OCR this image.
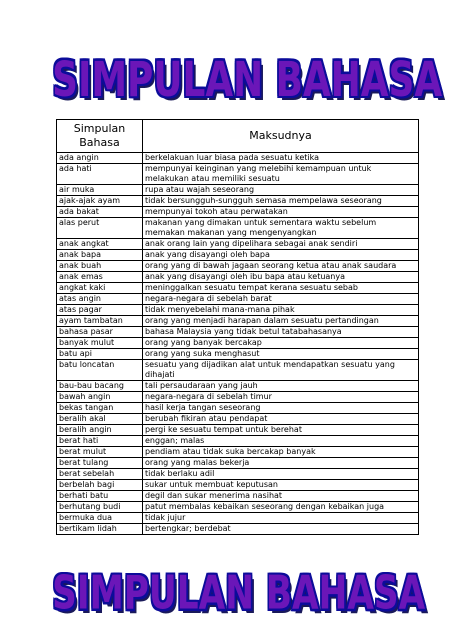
SIMPULAN BAHASA
Simpulan Bahasa	Maksudnya
ada angin	berkelakuan luar biasa pada sesuatu ketika
ada hati	mempunyai keinginan yang melebihi kemampuan untuk melakukan atau memiliki sesuatu
air muka	rupa atau wajah seseorang
ajak-ajak ayam	tidak bersungguh-sungguh semasa mempelawa seseorang
ada bakat	mempunyai tokoh atau perwatakan
alas perut	makanan yang dimakan untuk sementara waktu sebelum memakan makanan yang mengenyangkan
anak angkat	anak orang lain yang dipelihara sebagai anak sendiri
anak bapa	anak yang disayangi oleh bapa
anak buah	orang yang di bawah jagaan seorang ketua atau anak saudara
anak emas	anak yang disayangi oleh ibu bapa atau ketuanya
angkat kaki	meninggalkan sesuatu tempat kerana sesuatu sebab
atas angin	negara-negara di sebelah barat
atas pagar	tidak menyebelahi mana-mana pihak
ayam tambatan	orang yang menjadi harapan dalam sesuatu pertandingan
bahasa pasar	bahasa Malaysia yang tidak betul tatabahasanya
banyak mulut	orang yang banyak bercakap
batu api	orang yang suka menghasut
batu loncatan	sesuatu yang dijadikan alat untuk mendapatkan sesuatu yang dihajati
bau-bau bacang	tali persaudaraan yang jauh
bawah angin	negara-negara di sebelah timur
bekas tangan	hasil kerja tangan seseorang
beralih akal	berubah fikiran atau pendapat
beralih angin	pergi ke sesuatu tempat untuk berehat
berat hati	enggan; malas
berat mulut	pendiam atau tidak suka bercakap banyak
berat tulang	orang yang malas bekerja
berat sebelah	tidak berlaku adil
berbelah bagi	sukar untuk membuat keputusan
berhati batu	degil dan sukar menerima nasihat
berhutang budi	patut membalas kebaikan seseorang dengan kebaikan juga
bermuka dua	tidak jujur
bertikam lidah	bertengkar; berdebat
SIMPULAN BAHASA
